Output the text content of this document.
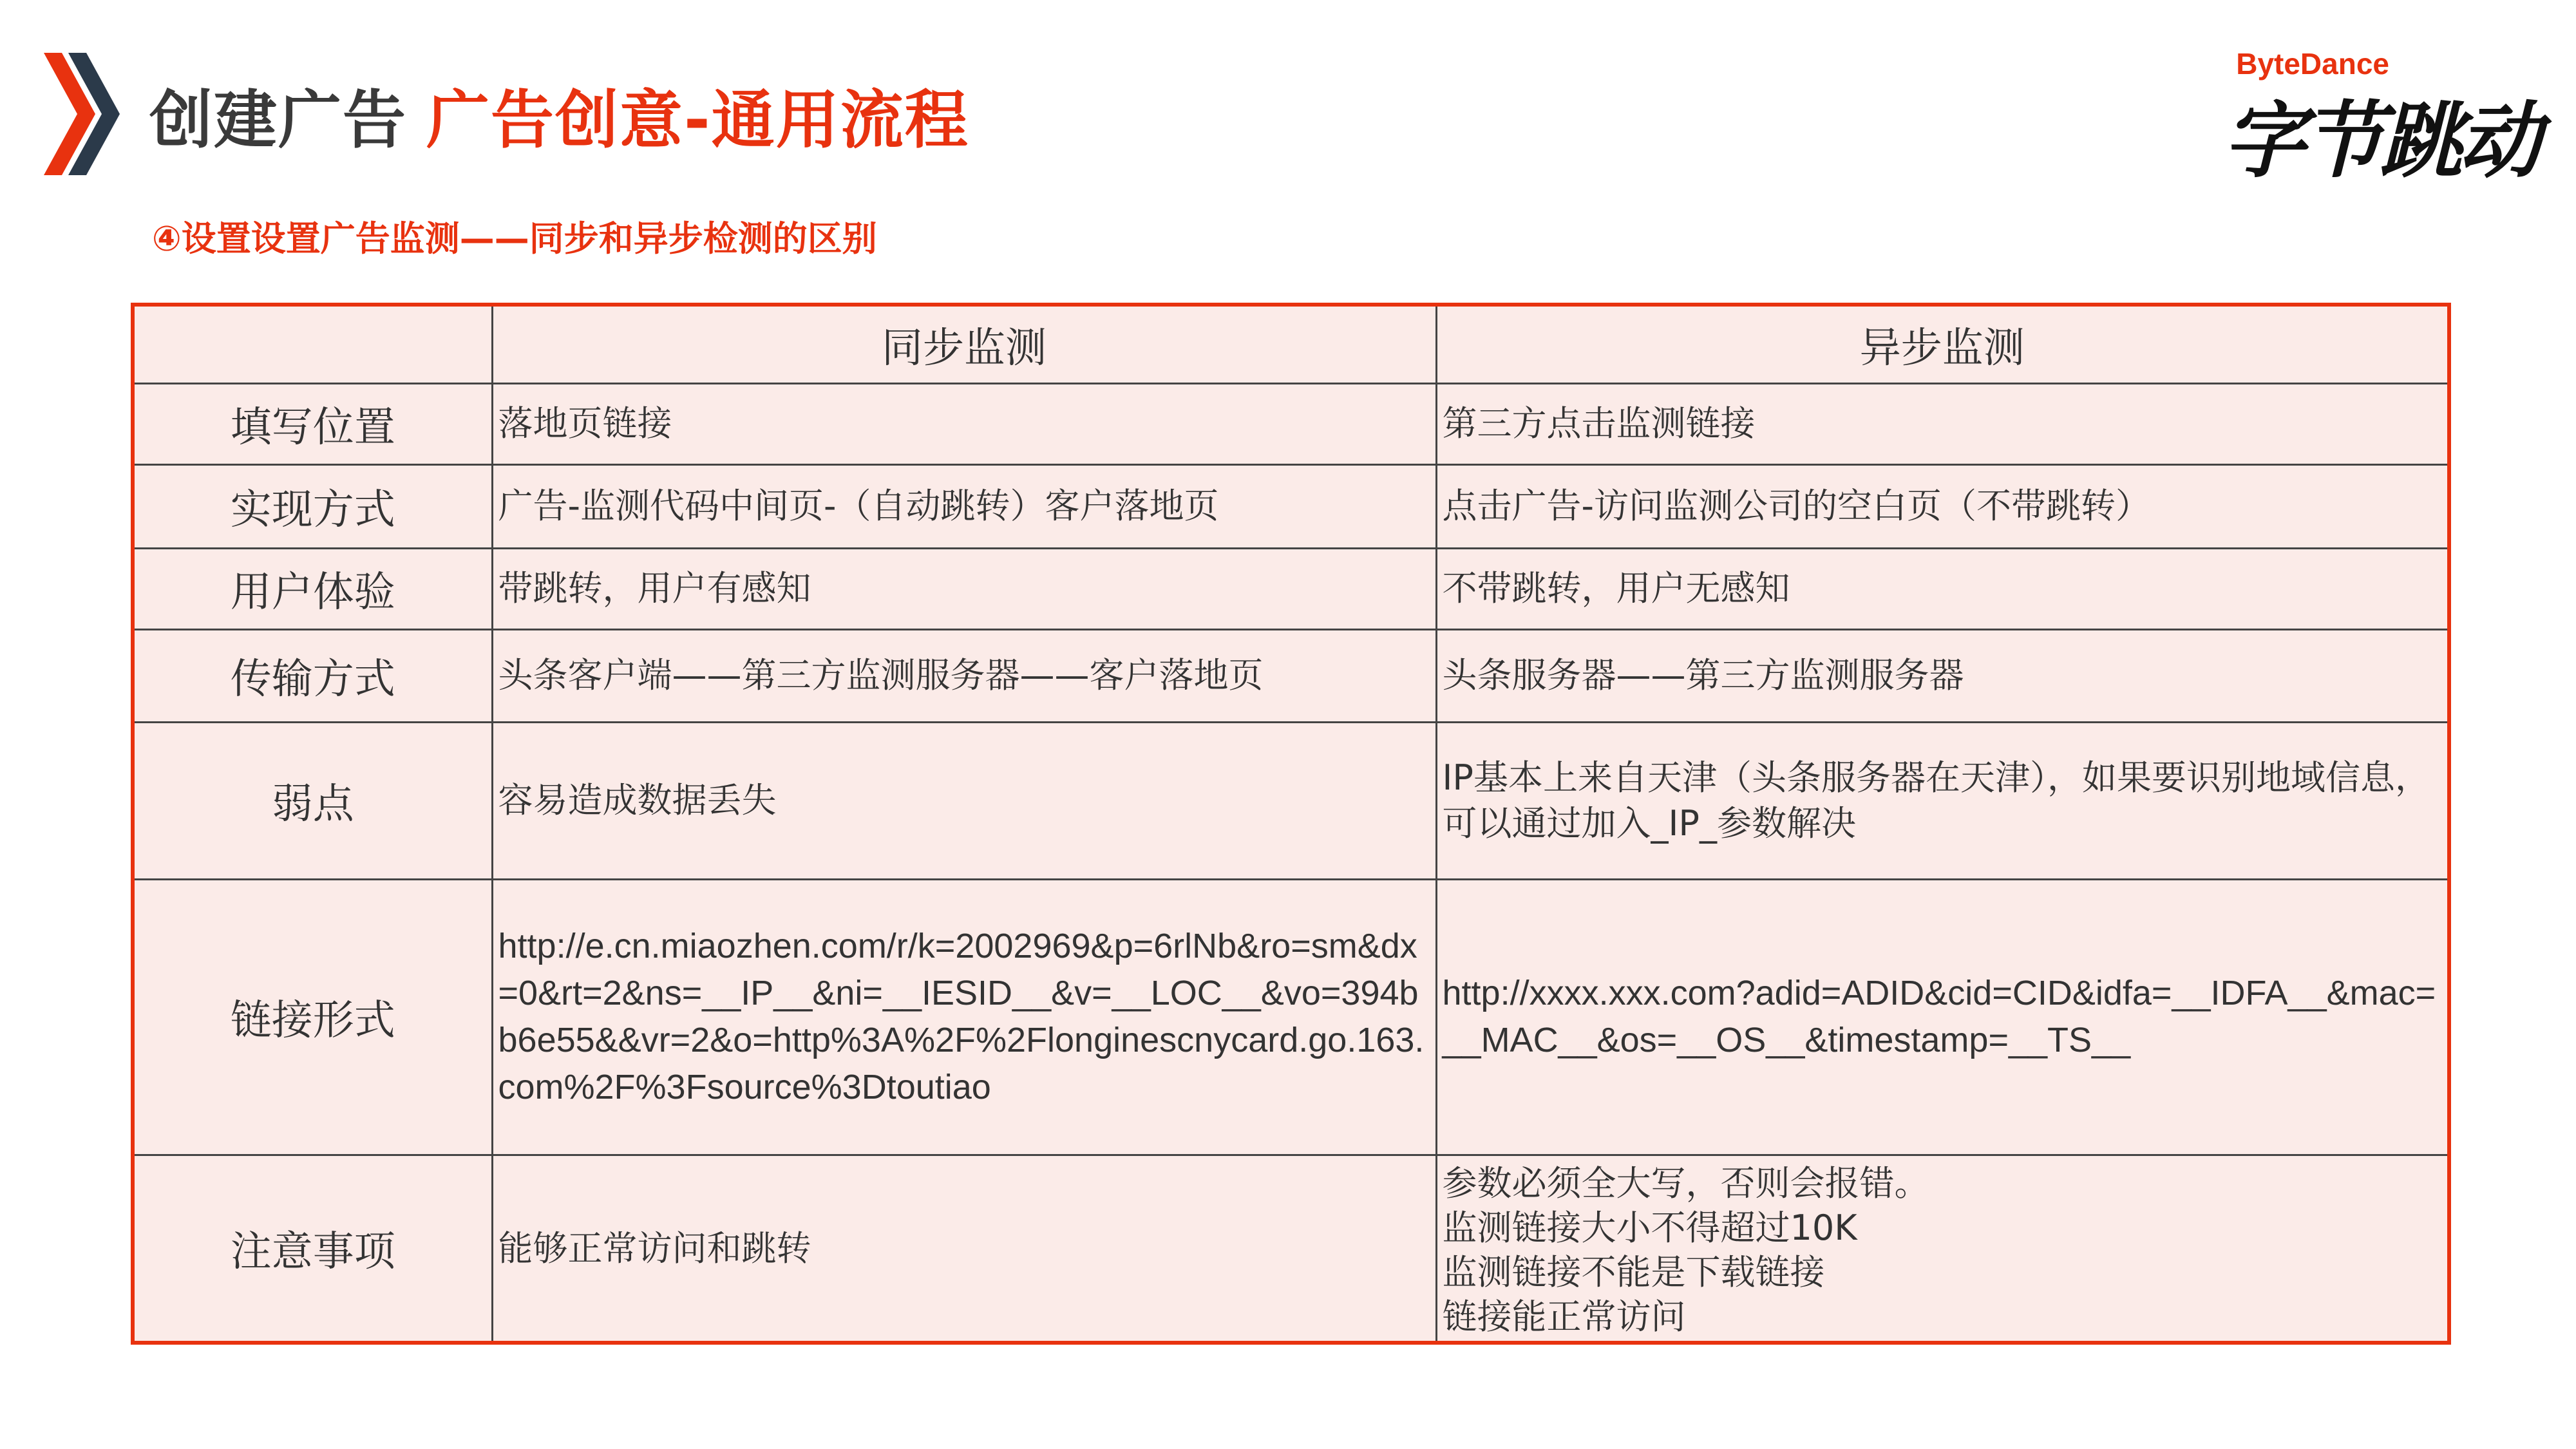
创建广告 广告创意-通用流程
ByteDance
字节跳动
④设置设置广告监测——同步和异步检测的区别
	同步监测	异步监测
填写位置	落地页链接	第三方点击监测链接
实现方式	广告-监测代码中间页-（自动跳转）客户落地页	点击广告-访问监测公司的空白页（不带跳转）
用户体验	带跳转，用户有感知	不带跳转，用户无感知
传输方式	头条客户端——第三方监测服务器——客户落地页	头条服务器——第三方监测服务器
弱点	容易造成数据丢失	IP基本上来自天津（头条服务器在天津），如果要识别地域信息，可以通过加入_IP_参数解决
链接形式	http://e.cn.miaozhen.com/r/k=2002969&p=6rlNb&ro=sm&dx=0&rt=2&ns=__IP__&ni=__IESID__&v=__LOC__&vo=394bb6e55&&vr=2&o=http%3A%2F%2Flonginescnycard.go.163.com%2F%3Fsource%3Dtoutiao	http://xxxx.xxx.com?adid=ADID&cid=CID&idfa=__IDFA__&mac=__MAC__&os=__OS__&timestamp=__TS__
注意事项	能够正常访问和跳转	参数必须全大写，否则会报错。
监测链接大小不得超过10K
监测链接不能是下载链接
链接能正常访问
